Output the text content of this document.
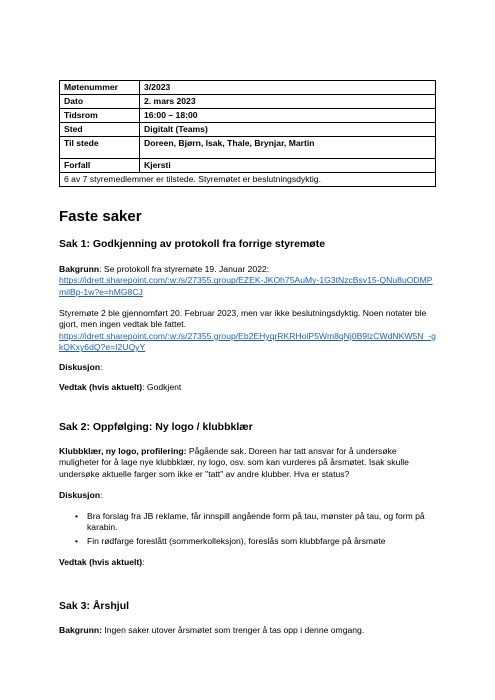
Møtenummer	3/2023
Dato	2. mars 2023
Tidsrom	16:00 – 18:00
Sted	Digitalt (Teams)
Til stede	Doreen, Bjørn, Isak, Thale, Brynjar, Martin
Forfall	Kjersti
6 av 7 styremedlemmer er tilstede. Styremøtet er beslutningsdyktig.	
Faste saker
Sak 1: Godkjenning av protokoll fra forrige styremøte
Bakgrunn: Se protokoll fra styremøte 19. Januar 2022:
https://idrett.sharepoint.com/:w:/s/27355.group/EZEK-JKOh75AuMy-1G3tNzcBsv15-QNu8uODMPmilBp-1w?e=hMG8CJ
Styremøte 2 ble gjennomført 20. Februar 2023, men var ikke beslutningsdyktig. Noen notater ble gjort, men ingen vedtak ble fattet.
https://idrett.sharepoint.com/:w:/s/27355.group/Eb2EHyqrRKRHolP5Wm8qNj0B9lzCWdNKW5N_-gkQKxy6dQ?e=I2UQyY
Diskusjon:
Vedtak (hvis aktuelt): Godkjent
Sak 2: Oppfølging: Ny logo / klubbklær
Klubbklær, ny logo, profilering: Pågående sak. Doreen har tatt ansvar for å undersøke muligheter for å lage nye klubbklær, ny logo, osv. som kan vurderes på årsmøtet. Isak skulle undersøke aktuelle farger som ikke er "tatt" av andre klubber. Hva er status?
Diskusjon:
• Bra forslag fra JB reklame, får innspill angående form på tau, mønster på tau, og form på karabin.
• Fin rødfarge foreslått (sommerkolleksjon), foreslås som klubbfarge på årsmøte
Vedtak (hvis aktuelt):
Sak 3: Årshjul
Bakgrunn: Ingen saker utover årsmøtet som trenger å tas opp i denne omgang.
